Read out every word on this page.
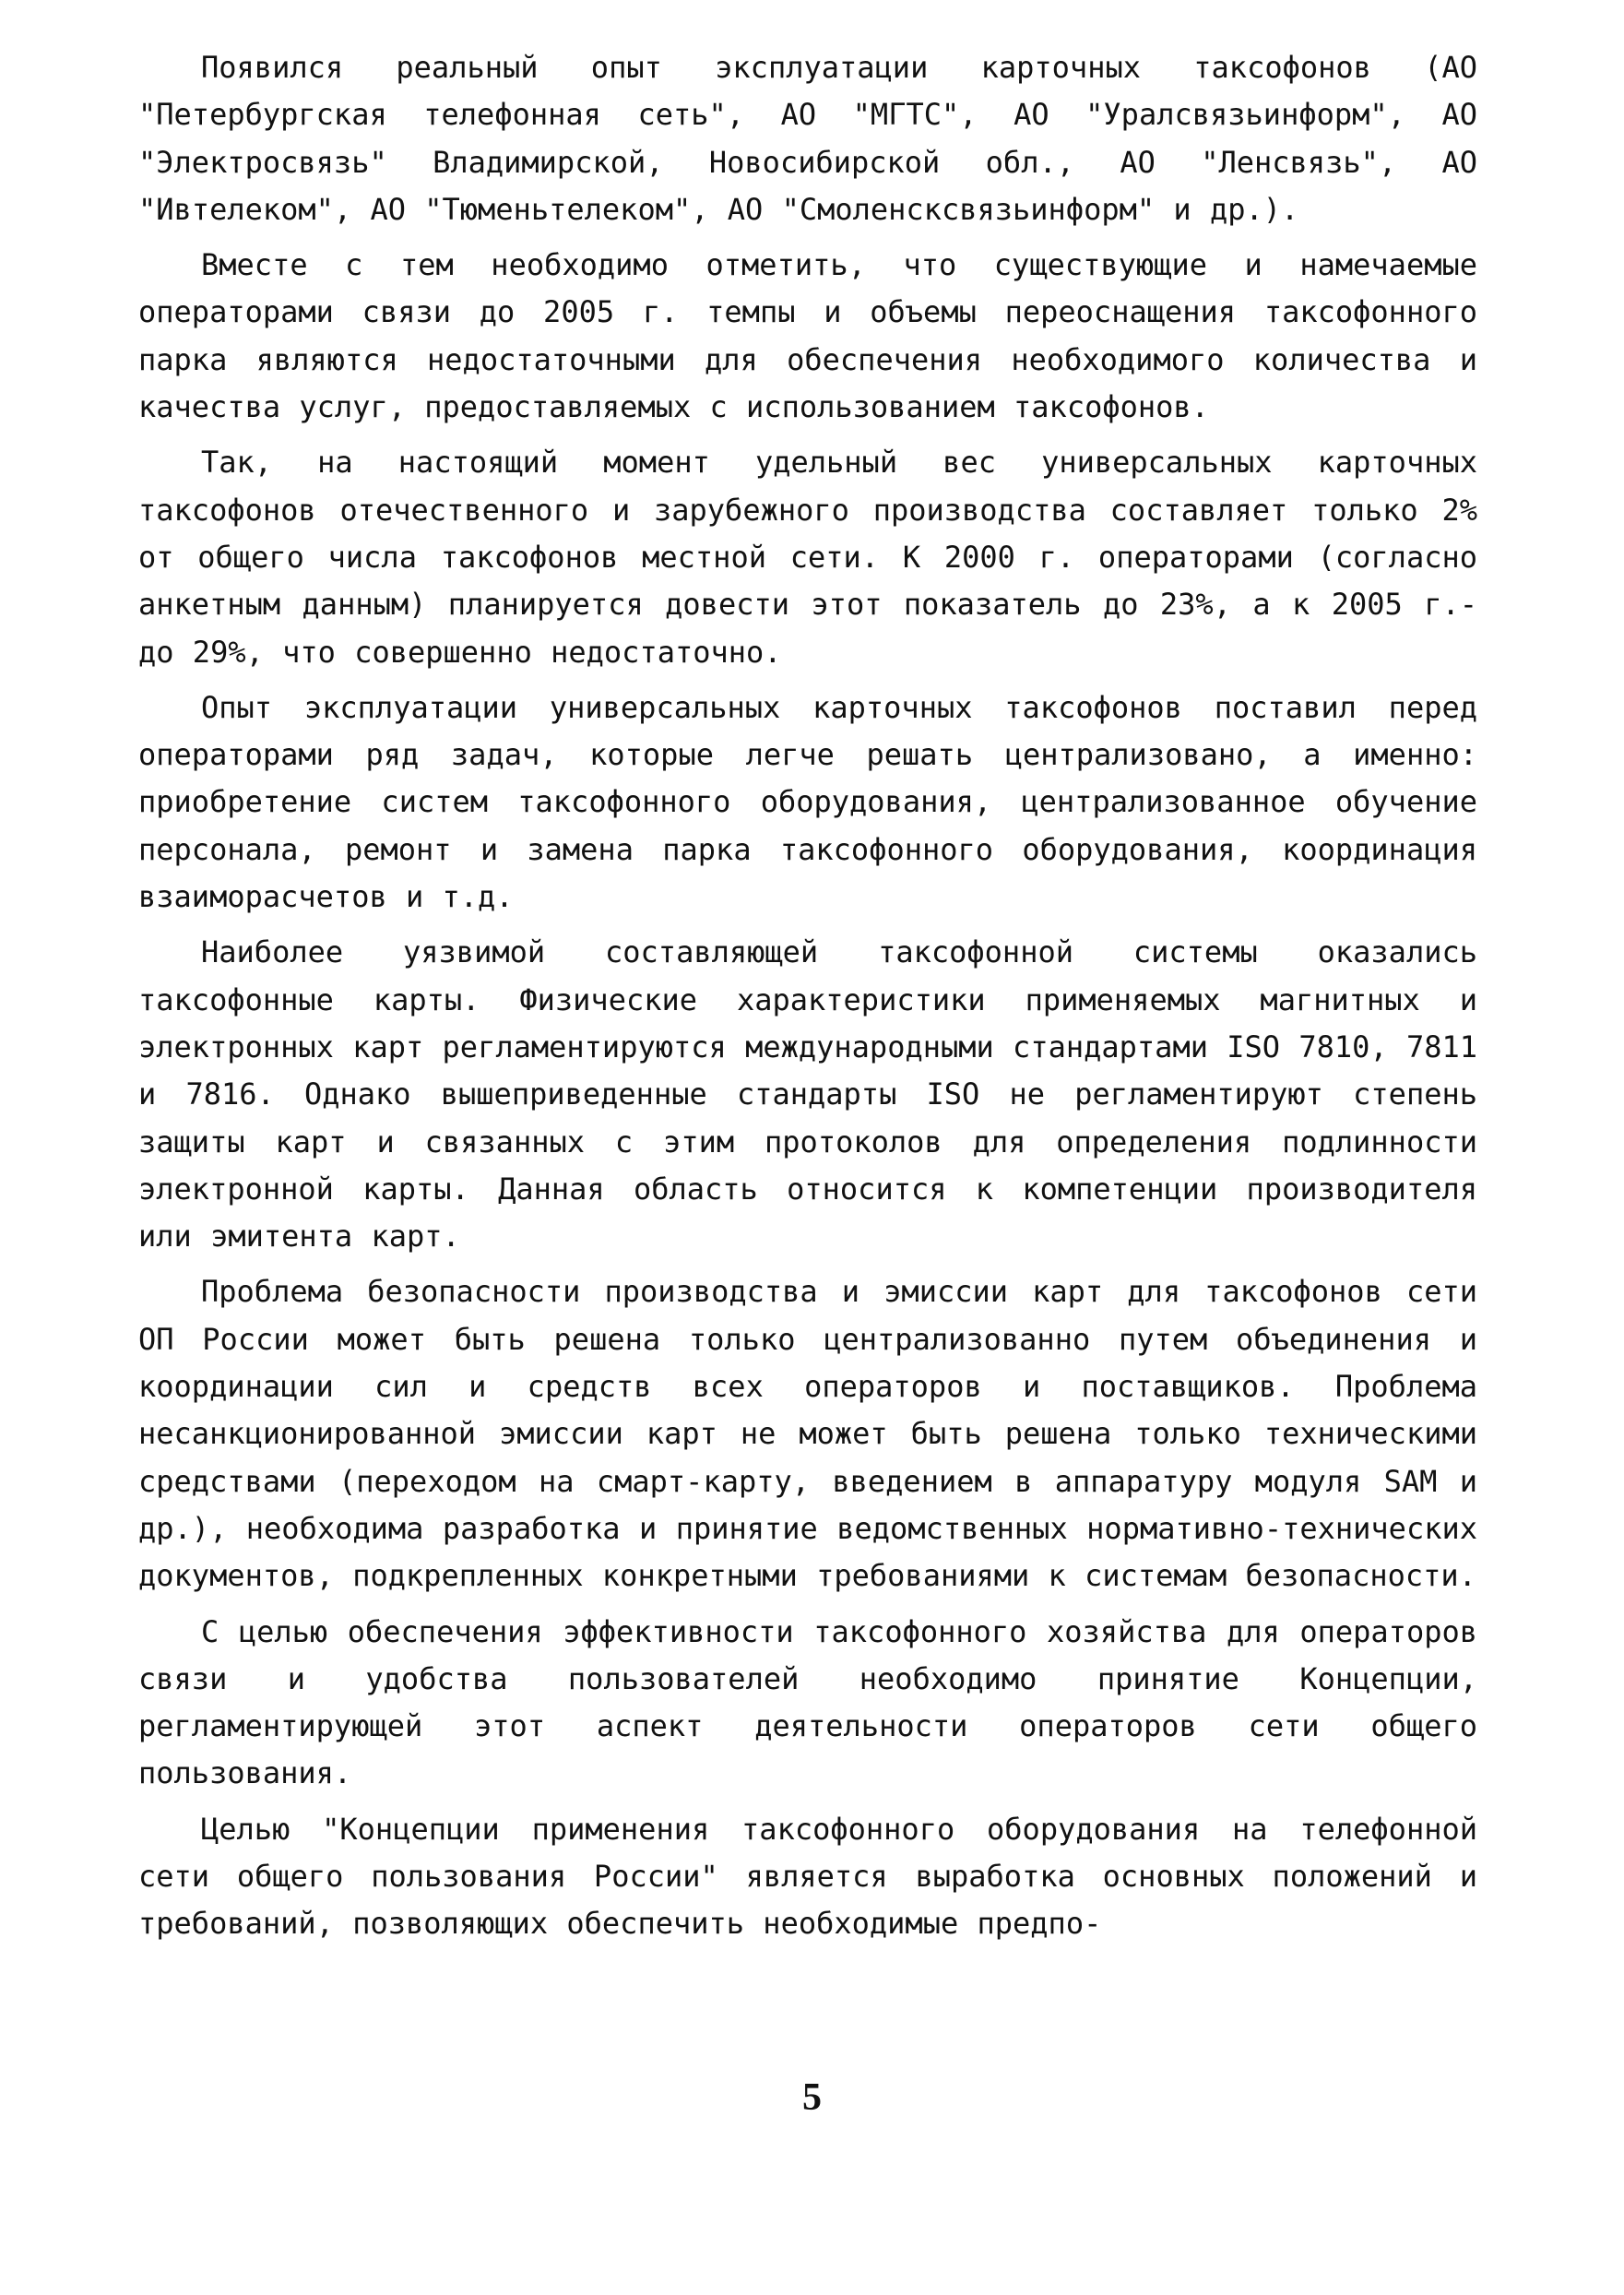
Появился реальный опыт эксплуатации карточных таксофонов (АО "Петербургская телефонная сеть", АО "МГТС", АО "Уралсвязьинформ", АО "Электросвязь" Владимирской, Новосибирской обл., АО "Ленсвязь", АО "Ивтелеком", АО "Тюменьтелеком", АО "Смоленсксвязьинформ" и др.).

Вместе с тем необходимо отметить, что существующие и намечаемые операторами связи до 2005 г. темпы и объемы переоснащения таксофонного парка являются недостаточными для обеспечения необходимого количества и качества услуг, предоставляемых с использованием таксофонов.

Так, на настоящий момент удельный вес универсальных карточных таксофонов отечественного и зарубежного производства составляет только 2% от общего числа таксофонов местной сети. К 2000 г. операторами (согласно анкетным данным) планируется довести этот показатель до 23%, а к 2005 г.-до 29%, что совершенно недостаточно.

Опыт эксплуатации универсальных карточных таксофонов поставил перед операторами ряд задач, которые легче решать централизовано, а именно: приобретение систем таксофонного оборудования, централизованное обучение персонала, ремонт и замена парка таксофонного оборудования, координация взаиморасчетов и т.д.

Наиболее уязвимой составляющей таксофонной системы оказались таксофонные карты. Физические характеристики применяемых магнитных и электронных карт регламентируются международными стандартами ISO 7810, 7811 и 7816. Однако вышеприведенные стандарты ISO не регламентируют степень защиты карт и связанных с этим протоколов для определения подлинности электронной карты. Данная область относится к компетенции производителя или эмитента карт.

Проблема безопасности производства и эмиссии карт для таксофонов сети ОП России может быть решена только централизованно путем объединения и координации сил и средств всех операторов и поставщиков. Проблема несанкционированной эмиссии карт не может быть решена только техническими средствами (переходом на смарт-карту, введением в аппаратуру модуля SAM и др.), необходима разработка и принятие ведомственных нормативно-технических документов, подкрепленных конкретными требованиями к системам безопасности.

С целью обеспечения эффективности таксофонного хозяйства для операторов связи и удобства пользователей необходимо принятие Концепции, регламентирующей этот аспект деятельности операторов сети общего пользования.

Целью "Концепции применения таксофонного оборудования на телефонной сети общего пользования России" является выработка основных положений и требований, позволяющих обеспечить необходимые предпо-

5
